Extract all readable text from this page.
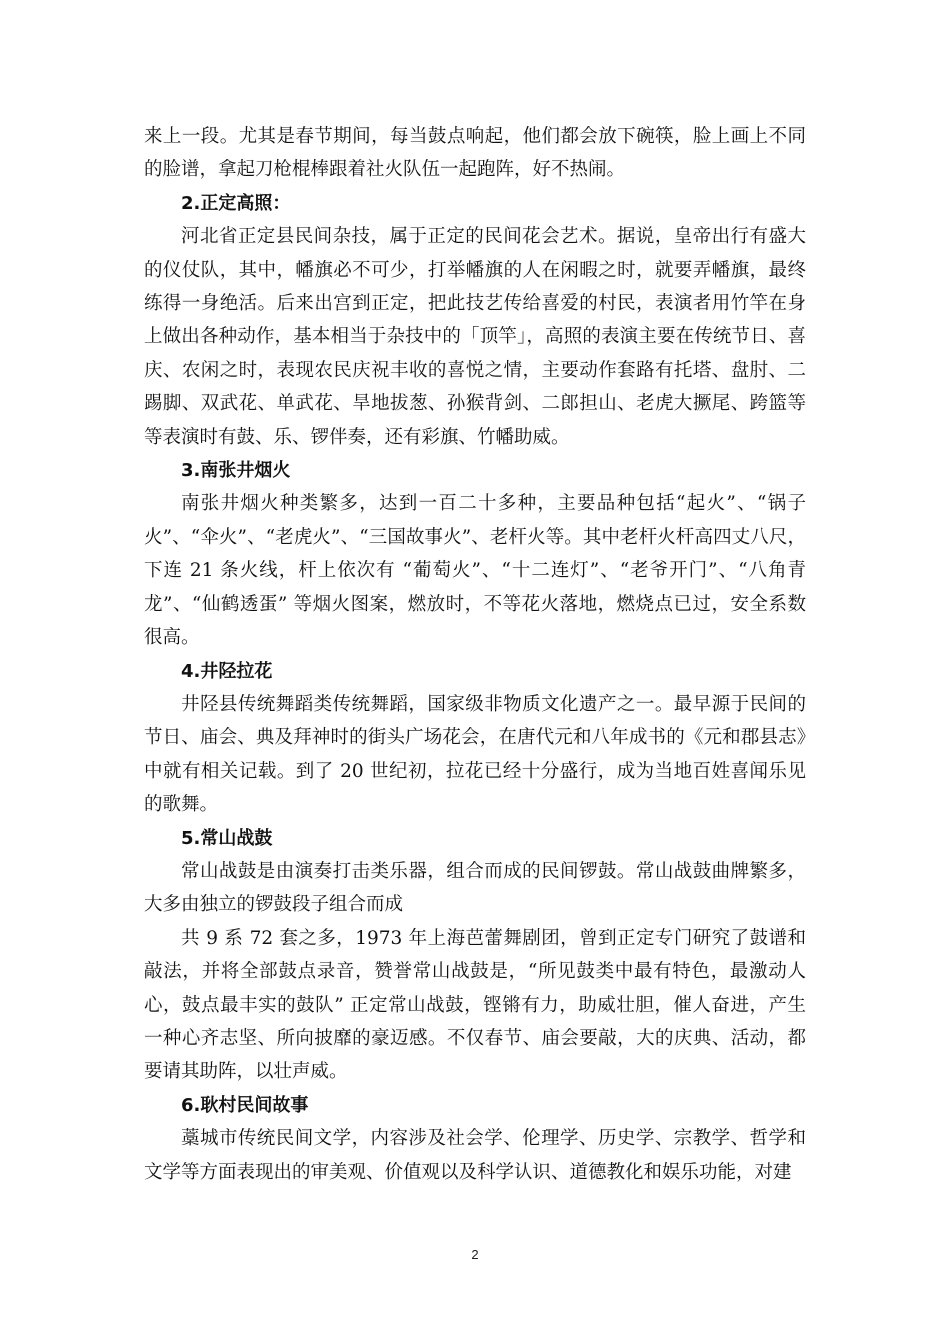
来上一段。尤其是春节期间，每当鼓点响起，他们都会放下碗筷，脸上画上不同的脸谱，拿起刀枪棍棒跟着社火队伍一起跑阵，好不热闹。

2.正定高照：

河北省正定县民间杂技，属于正定的民间花会艺术。据说，皇帝出行有盛大的仪仗队，其中，幡旗必不可少，打举幡旗的人在闲暇之时，就要弄幡旗，最终练得一身绝活。后来出宫到正定，把此技艺传给喜爱的村民，表演者用竹竿在身上做出各种动作，基本相当于杂技中的「顶竿」，高照的表演主要在传统节日、喜庆、农闲之时，表现农民庆祝丰收的喜悦之情，主要动作套路有托塔、盘肘、二踢脚、双武花、单武花、旱地拔葱、孙猴背剑、二郎担山、老虎大撅尾、跨篮等等表演时有鼓、乐、锣伴奏，还有彩旗、竹幡助威。

3.南张井烟火

南张井烟火种类繁多，达到一百二十多种，主要品种包括“起火”、“锅子火”、“伞火”、“老虎火”、“三国故事火”、老杆火等。其中老杆火杆高四丈八尺，下连 21 条火线，杆上依次有 “葡萄火”、“十二连灯”、“老爷开门”、“八角青龙”、“仙鹤透蛋” 等烟火图案，燃放时，不等花火落地，燃烧点已过，安全系数很高。

4.井陉拉花

井陉县传统舞蹈类传统舞蹈，国家级非物质文化遗产之一。最早源于民间的节日、庙会、典及拜神时的街头广场花会，在唐代元和八年成书的《元和郡县志》中就有相关记载。到了 20 世纪初，拉花已经十分盛行，成为当地百姓喜闻乐见的歌舞。

5.常山战鼓

常山战鼓是由演奏打击类乐器，组合而成的民间锣鼓。常山战鼓曲牌繁多，大多由独立的锣鼓段子组合而成

共 9 系 72 套之多，1973 年上海芭蕾舞剧团，曾到正定专门研究了鼓谱和敲法，并将全部鼓点录音，赞誉常山战鼓是，“所见鼓类中最有特色，最激动人心，鼓点最丰实的鼓队” 正定常山战鼓，铿锵有力，助威壮胆，催人奋进，产生一种心齐志坚、所向披靡的豪迈感。不仅春节、庙会要敲，大的庆典、活动，都要请其助阵，以壮声威。

6.耿村民间故事

藁城市传统民间文学，内容涉及社会学、伦理学、历史学、宗教学、哲学和文学等方面表现出的审美观、价值观以及科学认识、道德教化和娱乐功能，对建

2
